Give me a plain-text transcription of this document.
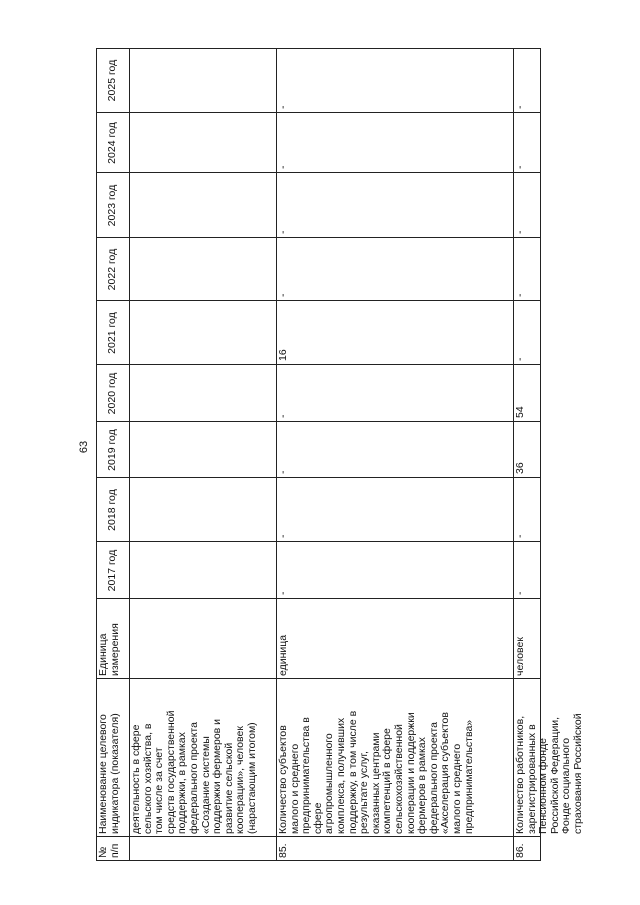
63
№ п/п
Наименование целевого индикатора (показателя)
Единица измерения
2017 год
2018 год
2019 год
2020 год
2021 год
2022 год
2023 год
2024 год
2025 год
деятельность в сфере
сельского хозяйства, в
том числе за счет
средств государственной
поддержки, в рамках
федерального проекта
«Создание системы
поддержки фермеров и
развитие сельской
кооперации», человек
(нарастающим итогом)
85.
Количество субъектов
малого и среднего
предпринимательства в
сфере
агропромышленного
комплекса, получивших
поддержку, в том числе в
результате услуг,
оказанных центрами
компетенций в сфере
сельскохозяйственной
кооперации и поддержки
фермеров в рамках
федерального проекта
«Акселерация субъектов
малого и среднего
предпринимательства»
единица
-
-
-
-
16
-
-
-
-
86.
Количество работников,
зарегистрированных в
Пенсионном фонде
Российской Федерации,
Фонде социального
страхования Российской
человек
-
-
36
54
-
-
-
-
-
